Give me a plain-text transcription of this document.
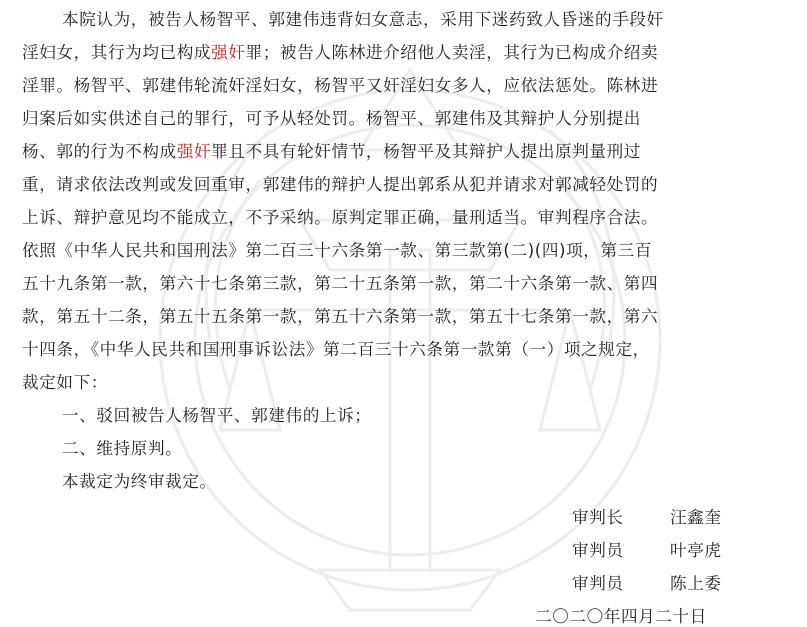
本院认为，被告人杨智平、郭建伟违背妇女意志，采用下迷药致人昏迷的手段奸
淫妇女，其行为均已构成强奸罪；被告人陈林进介绍他人卖淫，其行为已构成介绍卖
淫罪。杨智平、郭建伟轮流奸淫妇女，杨智平又奸淫妇女多人，应依法惩处。陈林进
归案后如实供述自己的罪行，可予从轻处罚。杨智平、郭建伟及其辩护人分别提出
杨、郭的行为不构成强奸罪且不具有轮奸情节，杨智平及其辩护人提出原判量刑过
重，请求依法改判或发回重审，郭建伟的辩护人提出郭系从犯并请求对郭减轻处罚的
上诉、辩护意见均不能成立，不予采纳。原判定罪正确，量刑适当。审判程序合法。
依照《中华人民共和国刑法》第二百三十六条第一款、第三款第(二)(四)项，第三百
五十九条第一款，第六十七条第三款，第二十五条第一款，第二十六条第一款、第四
款，第五十二条，第五十五条第一款，第五十六条第一款，第五十七条第一款，第六
十四条，《中华人民共和国刑事诉讼法》第二百三十六条第一款第（一）项之规定，
裁定如下：
一、驳回被告人杨智平、郭建伟的上诉；
二、维持原判。
本裁定为终审裁定。
审判长	汪鑫奎
审判员	叶亭虎
审判员	陈上委
二〇二〇年四月二十日
